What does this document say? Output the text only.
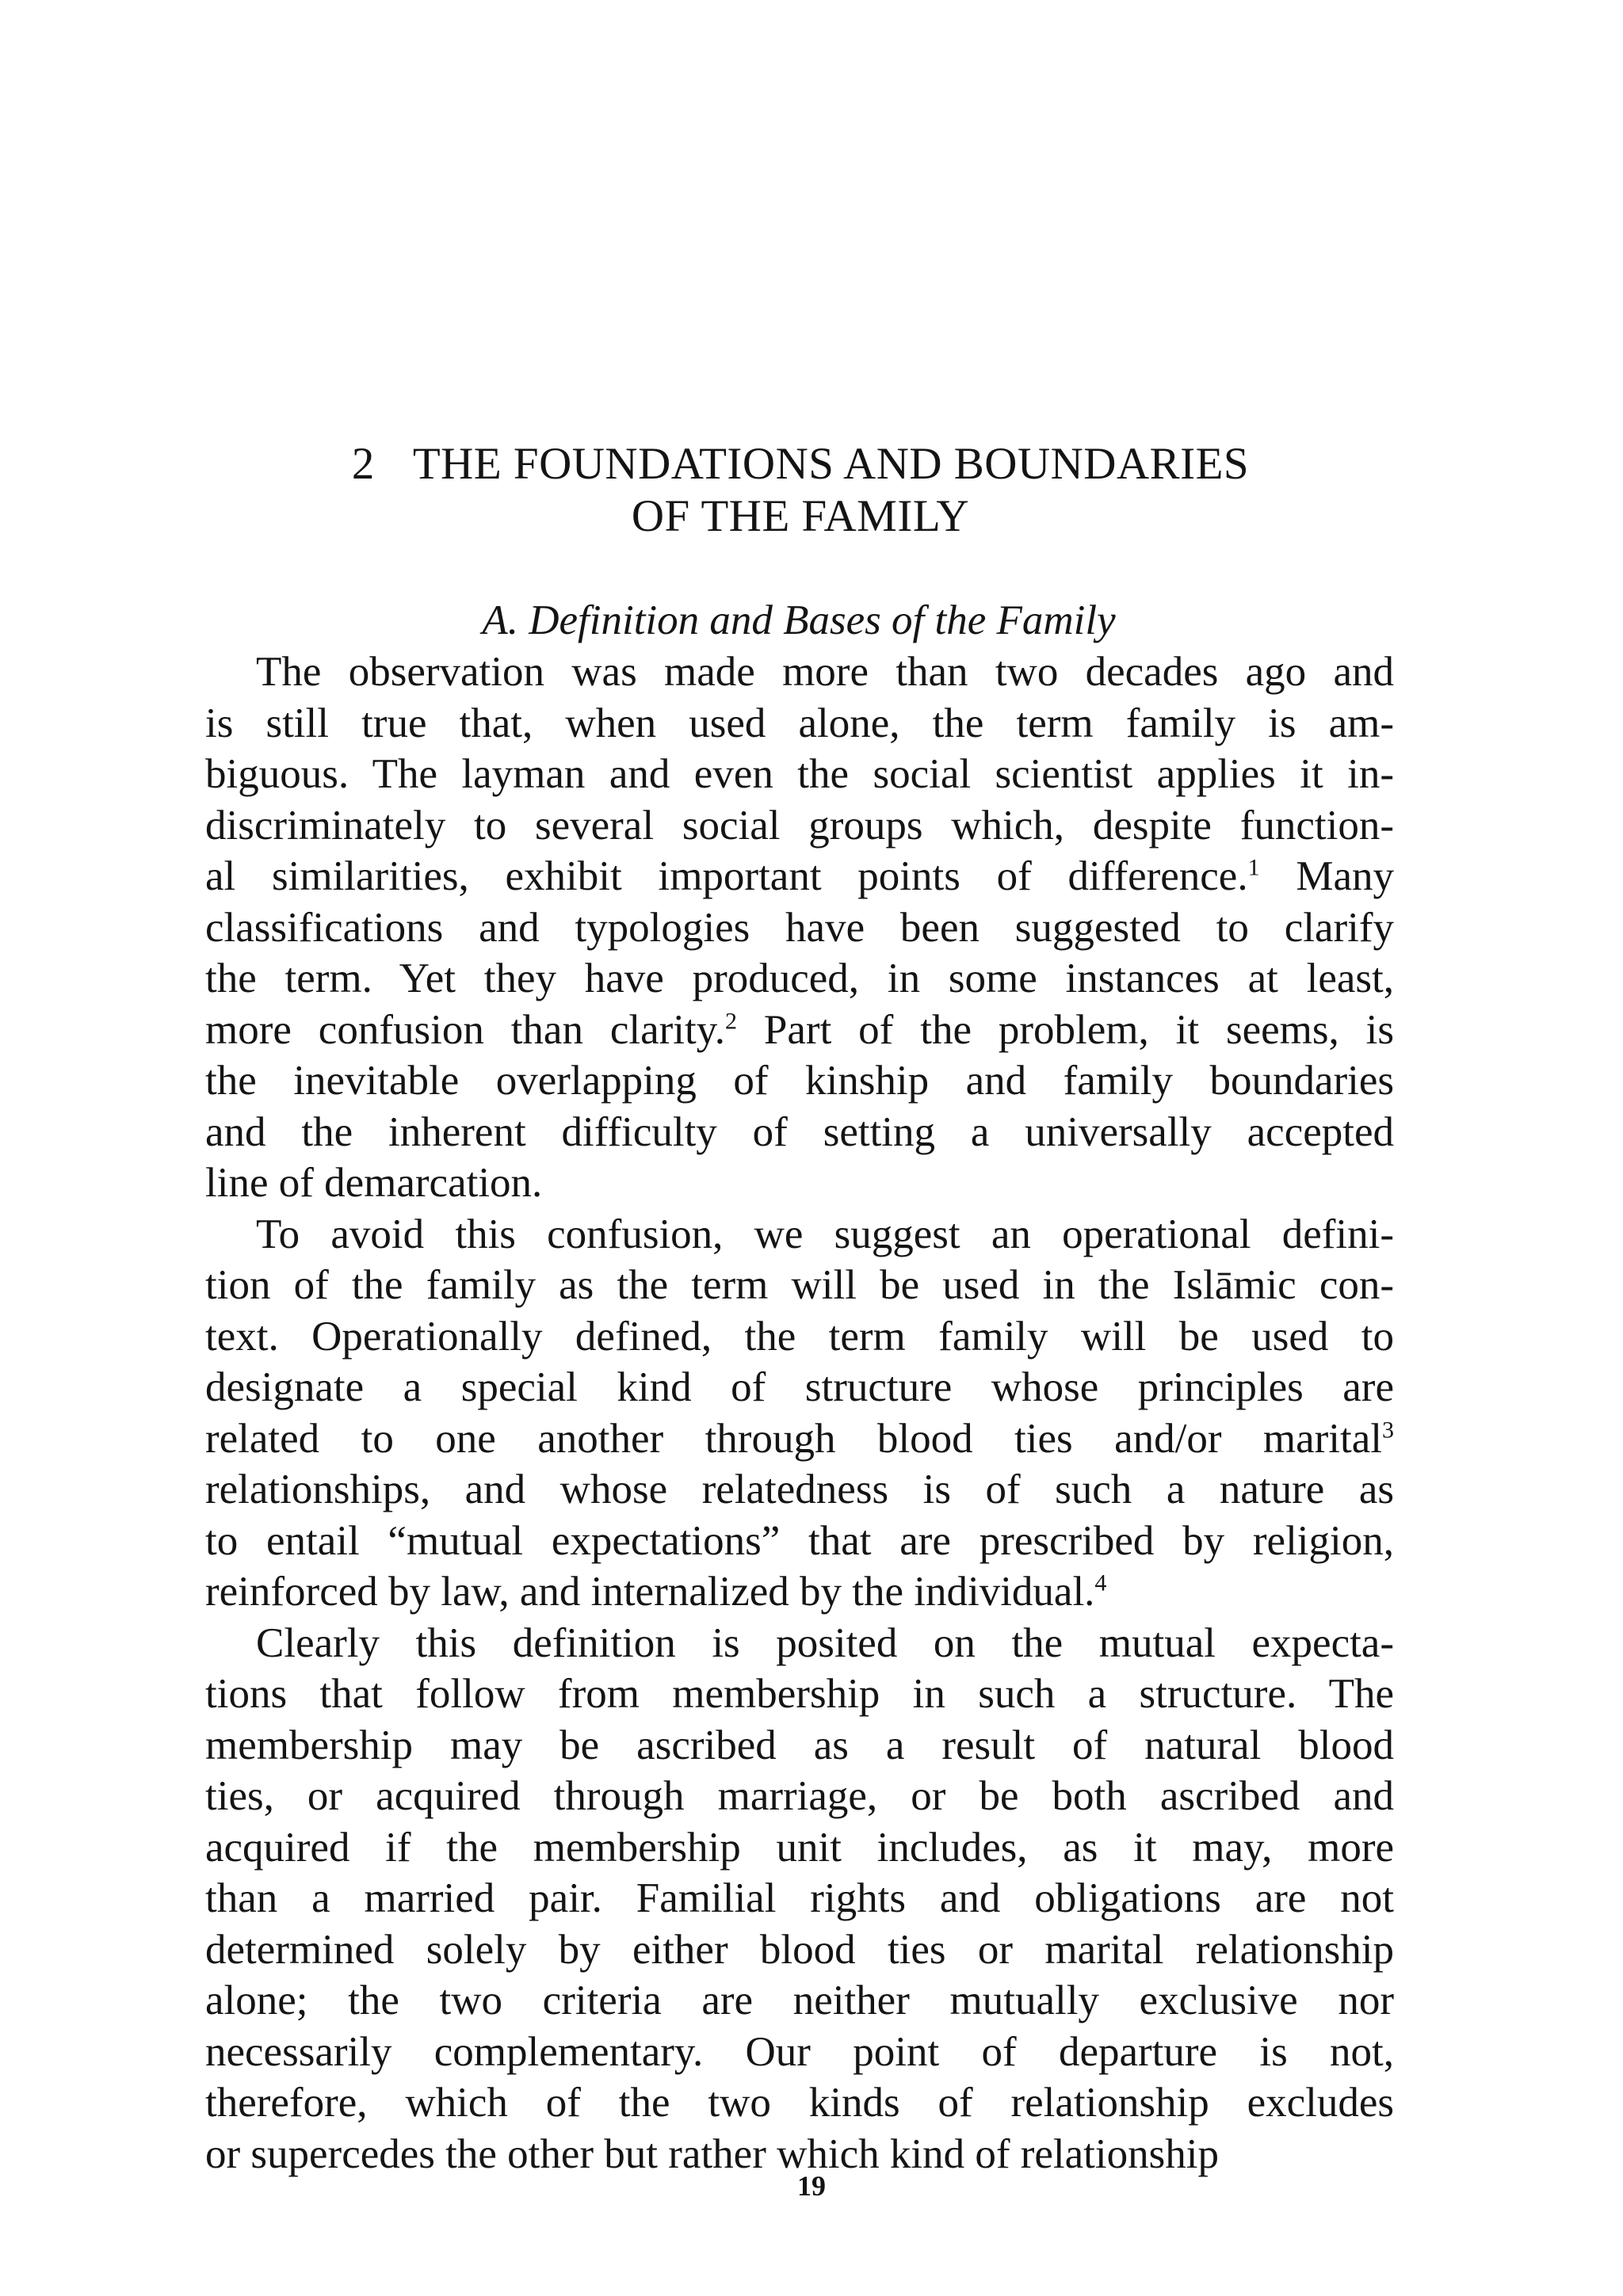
2 THE FOUNDATIONS AND BOUNDARIES
OF THE FAMILY
A. Definition and Bases of the Family
The observation was made more than two decades ago and
is still true that, when used alone, the term family is am-
biguous. The layman and even the social scientist applies it in-
discriminately to several social groups which, despite function-
al similarities, exhibit important points of difference.$^1$ Many
classifications and typologies have been suggested to clarify
the term. Yet they have produced, in some instances at least,
more confusion than clarity.$^2$ Part of the problem, it seems, is
the inevitable overlapping of kinship and family boundaries
and the inherent difficulty of setting a universally accepted
line of demarcation.
To avoid this confusion, we suggest an operational defini-
tion of the family as the term will be used in the Islāmic con-
text. Operationally defined, the term family will be used to
designate a special kind of structure whose principles are
related to one another through blood ties and/or marital$^3$
relationships, and whose relatedness is of such a nature as
to entail “mutual expectations” that are prescribed by religion,
reinforced by law, and internalized by the individual.$^4$
Clearly this definition is posited on the mutual expecta-
tions that follow from membership in such a structure. The
membership may be ascribed as a result of natural blood
ties, or acquired through marriage, or be both ascribed and
acquired if the membership unit includes, as it may, more
than a married pair. Familial rights and obligations are not
determined solely by either blood ties or marital relationship
alone; the two criteria are neither mutually exclusive nor
necessarily complementary. Our point of departure is not,
therefore, which of the two kinds of relationship excludes
or supercedes the other but rather which kind of relationship
19
